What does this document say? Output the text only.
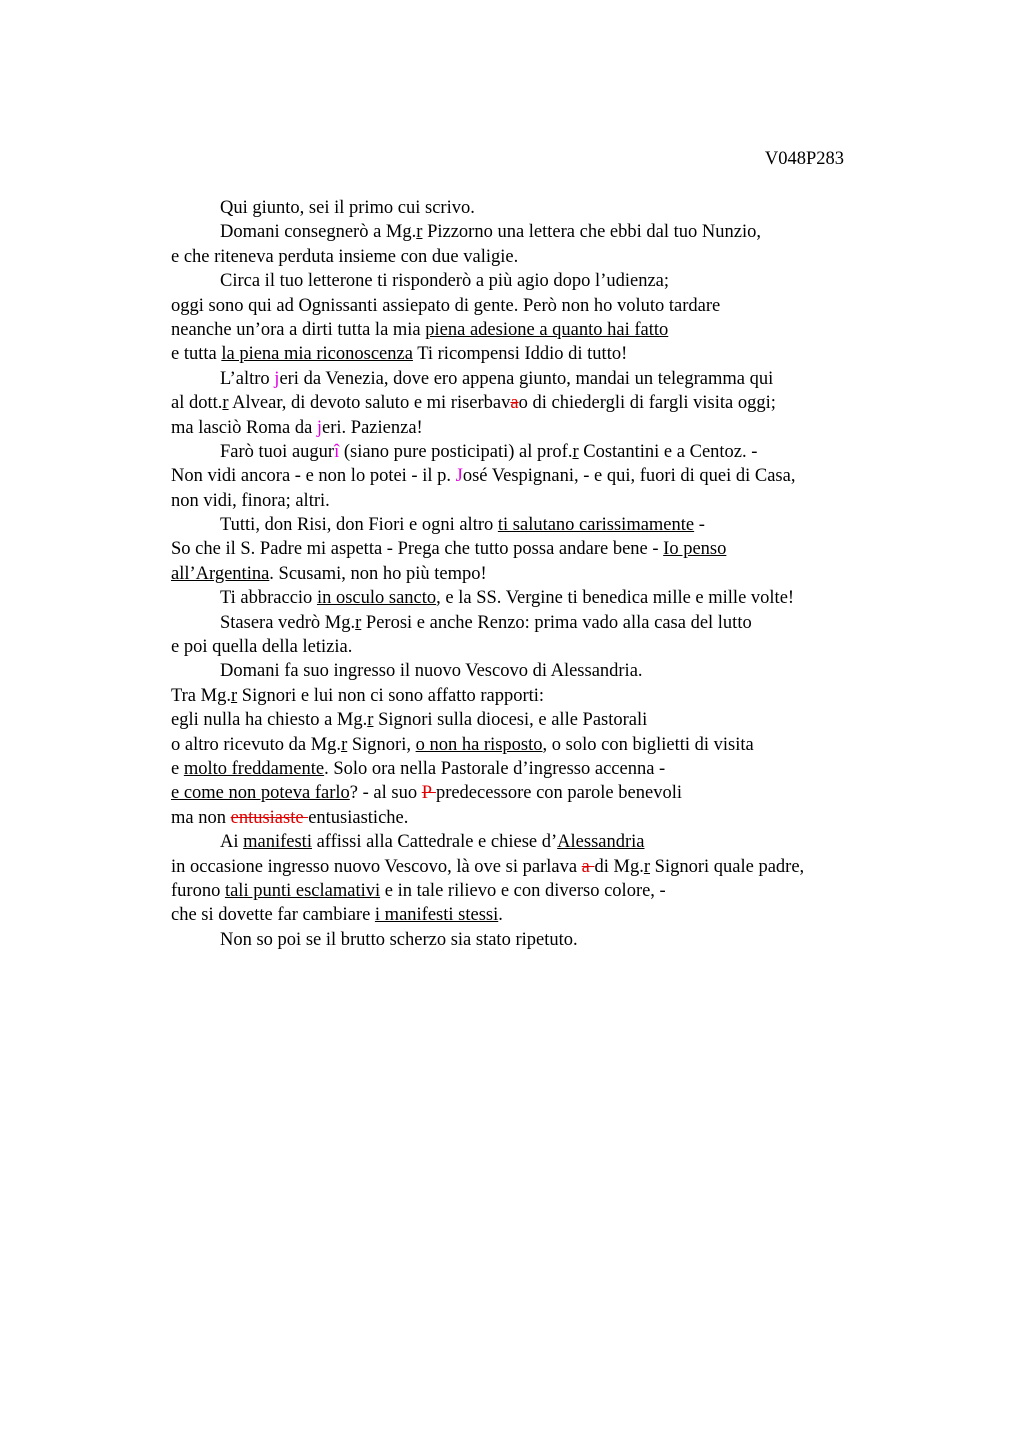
V048P283
Qui giunto, sei il primo cui scrivo.
Domani consegnerò a Mg.r Pizzorno una lettera che ebbi dal tuo Nunzio,
e che riteneva perduta insieme con due valigie.
Circa il tuo letterone ti risponderò a più agio dopo l’udienza;
oggi sono qui ad Ognissanti assiepato di gente. Però non ho voluto tardare
neanche un’ora a dirti tutta la mia piena adesione a quanto hai fatto
e tutta la piena mia riconoscenza Ti ricompensi Iddio di tutto!
L’altro jeri da Venezia, dove ero appena giunto, mandai un telegramma qui
al dott.r Alvear, di devoto saluto e mi riserbavao di chiedergli di fargli visita oggi;
ma lasciò Roma da jeri. Pazienza!
Farò tuoi augurî (siano pure posticipati) al prof.r Costantini e a Centoz. -
Non vidi ancora - e non lo potei - il p. José Vespignani, - e qui, fuori di quei di Casa,
non vidi, finora; altri.
Tutti, don Risi, don Fiori e ogni altro ti salutano carissimamente -
So che il S. Padre mi aspetta - Prega che tutto possa andare bene - Io penso
all’Argentina. Scusami, non ho più tempo!
Ti abbraccio in osculo sancto, e la SS. Vergine ti benedica mille e mille volte!
Stasera vedrò Mg.r Perosi e anche Renzo: prima vado alla casa del lutto
e poi quella della letizia.
Domani fa suo ingresso il nuovo Vescovo di Alessandria.
Tra Mg.r Signori e lui non ci sono affatto rapporti:
egli nulla ha chiesto a Mg.r Signori sulla diocesi, e alle Pastorali
o altro ricevuto da Mg.r Signori, o non ha risposto, o solo con biglietti di visita
e molto freddamente. Solo ora nella Pastorale d’ingresso accenna -
e come non poteva farlo? - al suo P predecessore con parole benevoli
ma non entusiaste entusiastiche.
Ai manifesti affissi alla Cattedrale e chiese d’Alessandria
in occasione ingresso nuovo Vescovo, là ove si parlava a di Mg.r Signori quale padre,
furono tali punti esclamativi e in tale rilievo e con diverso colore, -
che si dovette far cambiare i manifesti stessi.
Non so poi se il brutto scherzo sia stato ripetuto.
